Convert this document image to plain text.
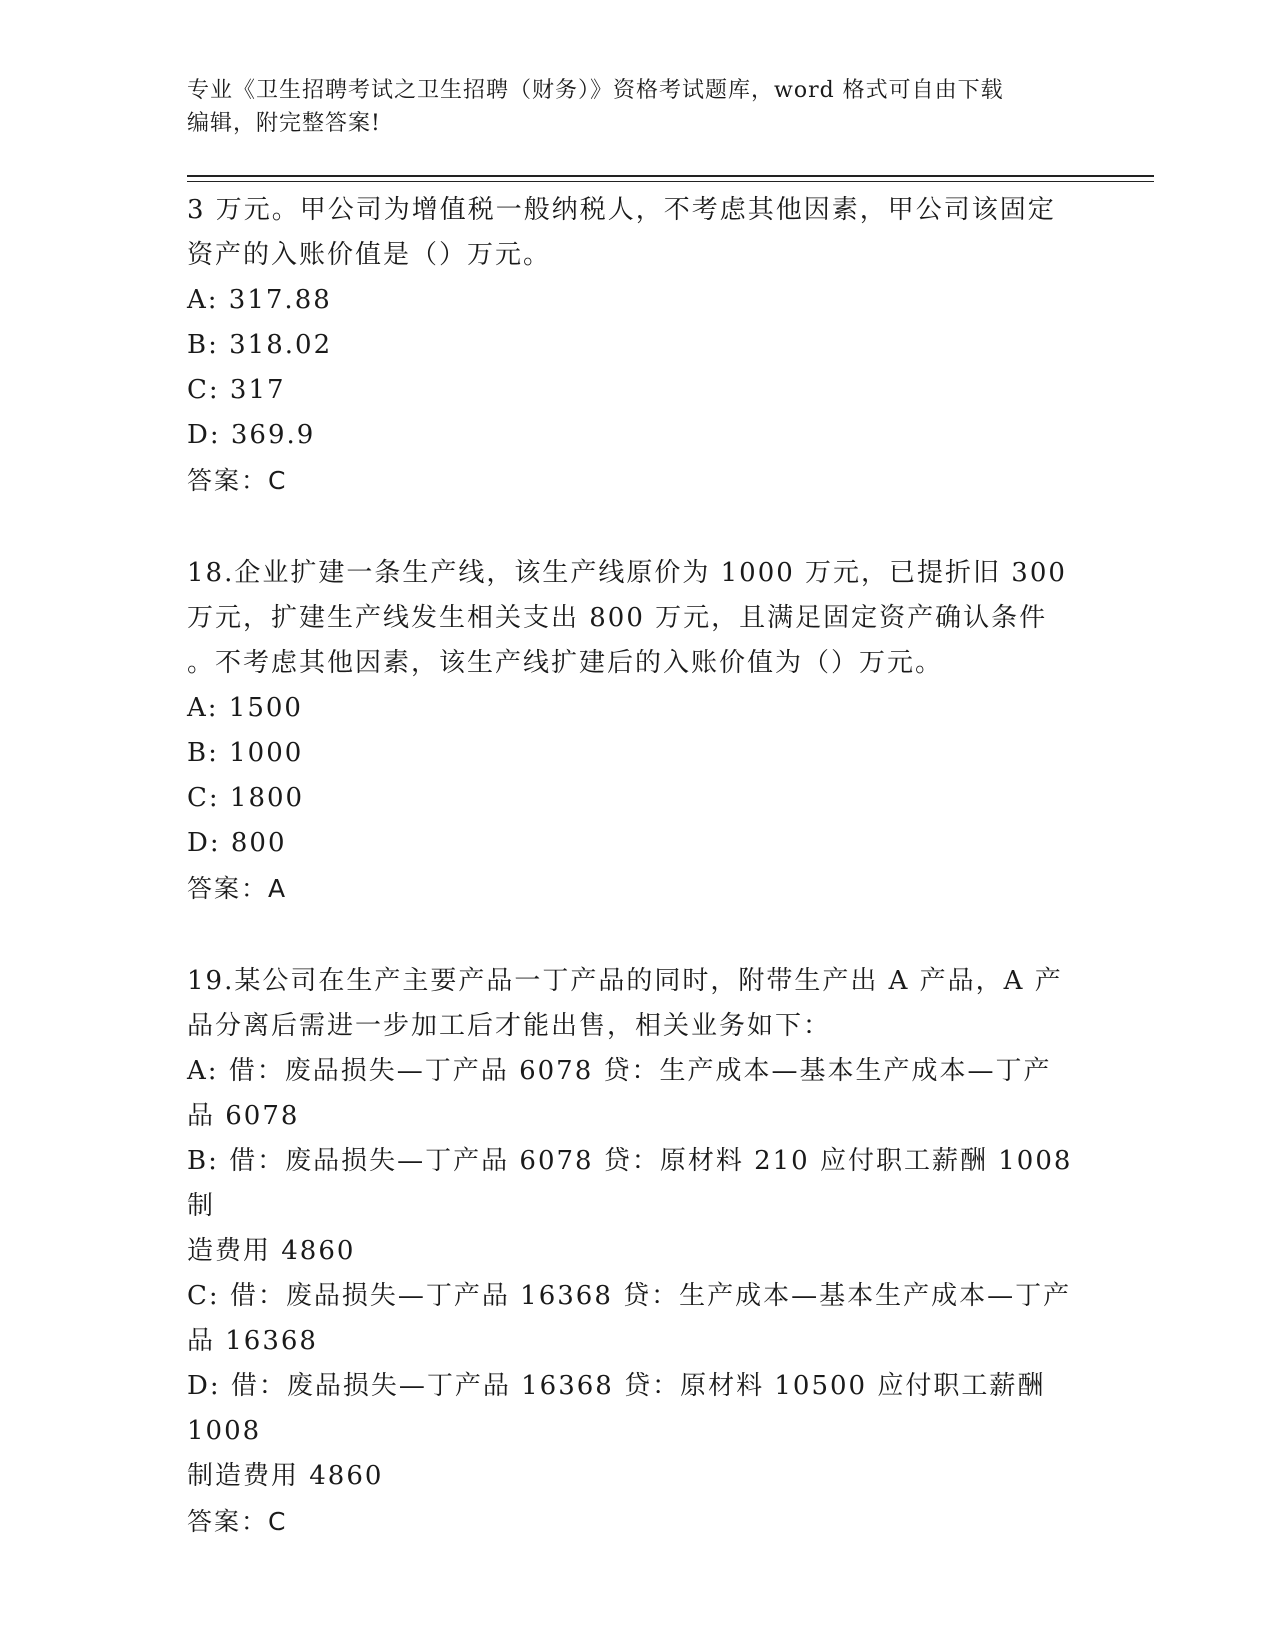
专业《卫生招聘考试之卫生招聘（财务）》资格考试题库，word 格式可自由下载
编辑，附完整答案!

3 万元。甲公司为增值税一般纳税人，不考虑其他因素，甲公司该固定

资产的入账价值是（）万元。

A: 317.88

B: 318.02

C: 317

D: 369.9

答案：C

18.企业扩建一条生产线，该生产线原价为 1000 万元，已提折旧 300

万元，扩建生产线发生相关支出 800 万元，且满足固定资产确认条件

。不考虑其他因素，该生产线扩建后的入账价值为（）万元。

A: 1500

B: 1000

C: 1800

D: 800

答案：A

19.某公司在生产主要产品一丁产品的同时，附带生产出 A 产品，A 产

品分离后需进一步加工后才能出售，相关业务如下：

A: 借：废品损失—丁产品 6078 贷：生产成本—基本生产成本—丁产

品 6078

B: 借：废品损失—丁产品 6078 贷：原材料 210 应付职工薪酬 1008 制

造费用 4860

C: 借：废品损失—丁产品 16368 贷：生产成本—基本生产成本—丁产

品 16368

D: 借：废品损失—丁产品 16368 贷：原材料 10500 应付职工薪酬 1008

制造费用 4860

答案：C
